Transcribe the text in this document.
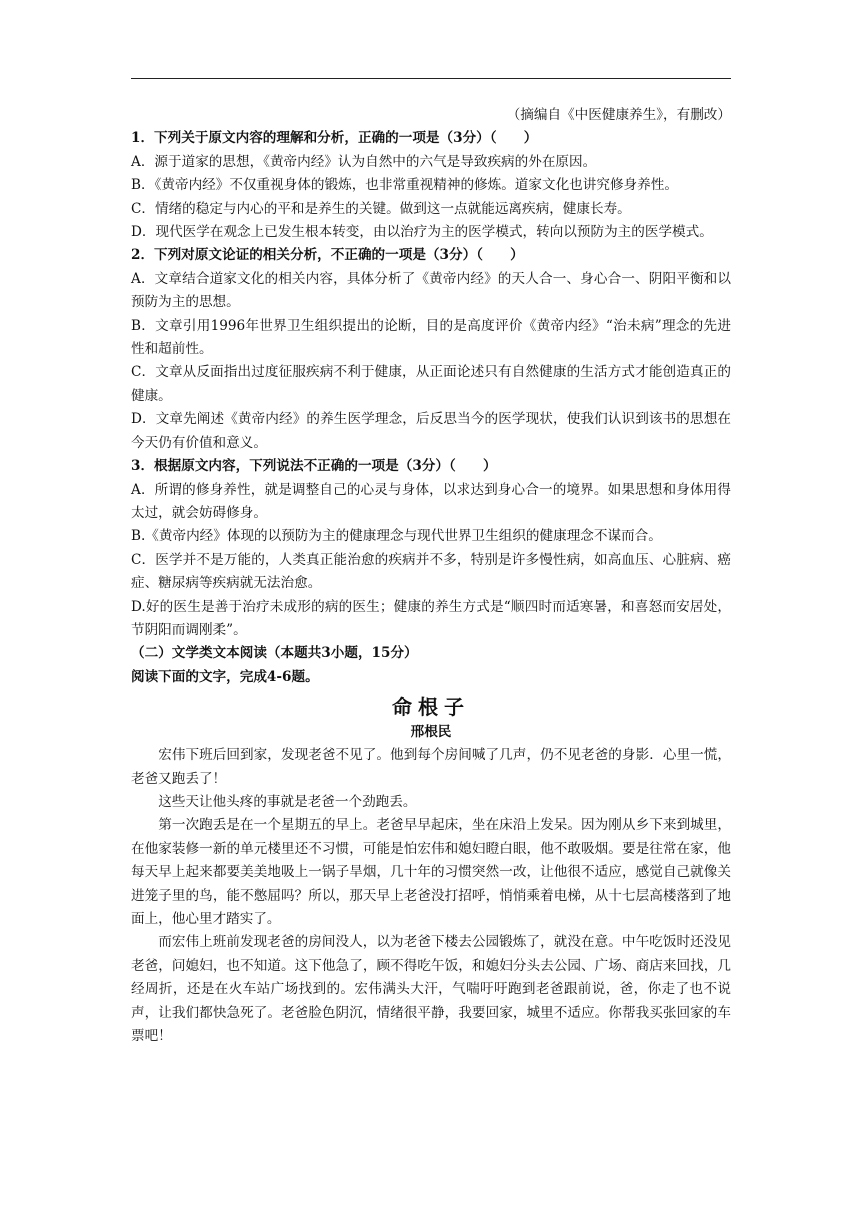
（摘编自《中医健康养生》，有删改）
1．下列关于原文内容的理解和分析，正确的一项是（3分）（　　）
A．源于道家的思想，《黄帝内经》认为自然中的六气是导致疾病的外在原因。
B．《黄帝内经》不仅重视身体的锻炼，也非常重视精神的修炼。道家文化也讲究修身养性。
C．情绪的稳定与内心的平和是养生的关键。做到这一点就能远离疾病，健康长寿。
D．现代医学在观念上已发生根本转变，由以治疗为主的医学模式，转向以预防为主的医学模式。
2．下列对原文论证的相关分析，不正确的一项是（3分）（　　）
A．文章结合道家文化的相关内容，具体分析了《黄帝内经》的天人合一、身心合一、阴阳平衡和以预防为主的思想。
B．文章引用1996年世界卫生组织提出的论断，目的是高度评价《黄帝内经》“治未病”理念的先进性和超前性。
C．文章从反面指出过度征服疾病不利于健康，从正面论述只有自然健康的生活方式才能创造真正的健康。
D．文章先阐述《黄帝内经》的养生医学理念，后反思当今的医学现状，使我们认识到该书的思想在今天仍有价值和意义。
3．根据原文内容，下列说法不正确的一项是（3分）（　　）
A．所谓的修身养性，就是调整自己的心灵与身体，以求达到身心合一的境界。如果思想和身体用得太过，就会妨碍修身。
B.《黄帝内经》体现的以预防为主的健康理念与现代世界卫生组织的健康理念不谋而合。
C．医学并不是万能的，人类真正能治愈的疾病并不多，特别是许多慢性病，如高血压、心脏病、癌症、糖尿病等疾病就无法治愈。
D.好的医生是善于治疗未成形的病的医生；健康的养生方式是“顺四时而适寒暑，和喜怒而安居处，节阴阳而调刚柔”。
（二）文学类文本阅读（本题共3小题，15分）
阅读下面的文字，完成4-6题。
命根子
邢根民
宏伟下班后回到家，发现老爸不见了。他到每个房间喊了几声，仍不见老爸的身影．心里一慌，老爸又跑丢了！
这些天让他头疼的事就是老爸一个劲跑丢。
第一次跑丢是在一个星期五的早上。老爸早早起床，坐在床沿上发呆。因为刚从乡下来到城里，在他家装修一新的单元楼里还不习惯，可能是怕宏伟和媳妇瞪白眼，他不敢吸烟。要是往常在家，他每天早上起来都要美美地吸上一锅子旱烟，几十年的习惯突然一改，让他很不适应，感觉自己就像关进笼子里的鸟，能不憋屈吗？所以，那天早上老爸没打招呼，悄悄乘着电梯，从十七层高楼落到了地面上，他心里才踏实了。
而宏伟上班前发现老爸的房间没人，以为老爸下楼去公园锻炼了，就没在意。中午吃饭时还没见老爸，问媳妇，也不知道。这下他急了，顾不得吃午饭，和媳妇分头去公园、广场、商店来回找，几经周折，还是在火车站广场找到的。宏伟满头大汗，气喘吁吁跑到老爸跟前说，爸，你走了也不说声，让我们都快急死了。老爸脸色阴沉，情绪很平静，我要回家，城里不适应。你帮我买张回家的车票吧！
